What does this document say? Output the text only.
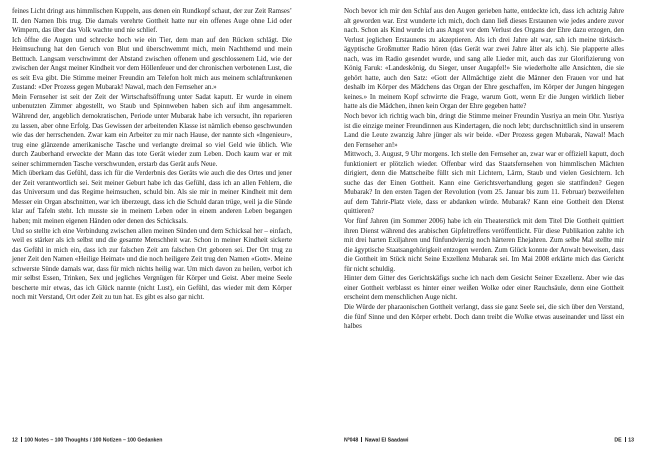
feines Licht dringt aus himmlischen Kuppeln, aus denen ein Rundkopf schaut, der zur Zeit Ramses’ II. den Namen Ibis trug. Die damals verehrte Gottheit hatte nur ein offenes Auge ohne Lid oder Wimpern, das über das Volk wachte und nie schlief.

Ich öffne die Augen und schrecke hoch wie ein Tier, dem man auf den Rücken schlägt. Die Heimsuchung hat den Geruch von Blut und überschwemmt mich, mein Nachthemd und mein Betttuch. Langsam verschwimmt der Abstand zwischen offenem und geschlossenem Lid, wie der zwischen der Angst meiner Kindheit vor dem Höllenfeuer und der chronischen verbotenen Lust, die es seit Eva gibt. Die Stimme meiner Freundin am Telefon holt mich aus meinem schlaftrunkenen Zustand: «Der Prozess gegen Mubarak! Nawal, mach den Fernseher an.»

Mein Fernseher ist seit der Zeit der Wirtschaftsöffnung unter Sadat kaputt. Er wurde in einem unbenutzten Zimmer abgestellt, wo Staub und Spinnweben haben sich auf ihm angesammelt. Während der, angeblich demokratischen, Periode unter Mubarak habe ich versucht, ihn reparieren zu lassen, aber ohne Erfolg. Das Gewissen der arbeitenden Klasse ist nämlich ebenso geschwunden wie das der herrschenden. Zwar kam ein Arbeiter zu mir nach Hause, der nannte sich «Ingenieur», trug eine glänzende amerikanische Tasche und verlangte dreimal so viel Geld wie üblich. Wie durch Zauberhand erweckte der Mann das tote Gerät wieder zum Leben. Doch kaum war er mit seiner schimmernden Tasche verschwunden, erstarb das Gerät aufs Neue.

Mich überkam das Gefühl, dass ich für die Verderbnis des Geräts wie auch die des Ortes und jener der Zeit verantwortlich sei. Seit meiner Geburt habe ich das Gefühl, dass ich an allen Fehlern, die das Universum und das Regime heimsuchen, schuld bin. Als sie mir in meiner Kindheit mit dem Messer ein Organ abschnitten, war ich überzeugt, dass ich die Schuld daran trüge, weil ja die Sünde klar auf Tafeln steht. Ich musste sie in meinem Leben oder in einem anderen Leben begangen haben; mit meinen eigenen Händen oder denen des Schicksals.

Und so stellte ich eine Verbindung zwischen allen meinen Sünden und dem Schicksal her – einfach, weil es stärker als ich selbst und die gesamte Menschheit war. Schon in meiner Kindheit sickerte das Gefühl in mich ein, dass ich zur falschen Zeit am falschen Ort geboren sei. Der Ort trug zu jener Zeit den Namen «Heilige Heimat» und die noch heiligere Zeit trug den Namen «Gott». Meine schwerste Sünde damals war, dass für mich nichts heilig war. Um mich davon zu heilen, verbot ich mir selbst Essen, Trinken, Sex und jegliches Vergnügen für Körper und Geist. Aber meine Seele bescherte mir etwas, das ich Glück nannte (nicht Lust), ein Gefühl, das wieder mit dem Körper noch mit Verstand, Ort oder Zeit zu tun hat. Es gibt es also gar nicht.

12 100 Notes – 100 Thoughts / 100 Notizen – 100 Gedanken

Noch bevor ich mir den Schlaf aus den Augen gerieben hatte, entdeckte ich, dass ich achtzig Jahre alt geworden war. Erst wunderte ich mich, doch dann ließ dieses Erstaunen wie jedes andere zuvor nach. Schon als Kind wurde ich aus Angst vor dem Verlust des Organs der Ehre dazu erzogen, den Verlust jeglichen Erstaunens zu akzeptieren. Als ich drei Jahre alt war, sah ich meine türkisch-ägyptische Großmutter Radio hören (das Gerät war zwei Jahre älter als ich). Sie plapperte alles nach, was im Radio gesendet wurde, und sang alle Lieder mit, auch das zur Glorifizierung von König Faruk: «Landeskönig, du Sieger, unser Augapfel!» Sie wiederholte alle Ansichten, die sie gehört hatte, auch den Satz: «Gott der Allmächtige zieht die Männer den Frauen vor und hat deshalb im Körper des Mädchens das Organ der Ehre geschaffen, im Körper der Jungen hingegen keines.» In meinem Kopf schwirrte die Frage, warum Gott, wenn Er die Jungen wirklich lieber hatte als die Mädchen, ihnen kein Organ der Ehre gegeben hatte?

Noch bevor ich richtig wach bin, dringt die Stimme meiner Freundin Yusriya an mein Ohr. Yusriya ist die einzige meiner Freundinnen aus Kindertagen, die noch lebt; durchschnittlich sind in unserem Land die Leute zwanzig Jahre jünger als wir beide. «Der Prozess gegen Mubarak, Nawal! Mach den Fernseher an!»

Mittwoch, 3. August, 9 Uhr morgens. Ich stelle den Fernseher an, zwar war er offiziell kaputt, doch funktioniert er plötzlich wieder. Offenbar wird das Staatsfernsehen von himmlischen Mächten dirigiert, denn die Mattscheibe füllt sich mit Lichtern, Lärm, Staub und vielen Gesichtern. Ich suche das der Einen Gottheit. Kann eine Gerichtsverhandlung gegen sie stattfinden? Gegen Mubarak? In den ersten Tagen der Revolution (vom 25. Januar bis zum 11. Februar) bezweifelten auf dem Tahrir-Platz viele, dass er abdanken würde. Mubarak? Kann eine Gottheit den Dienst quittieren?

Vor fünf Jahren (im Sommer 2006) habe ich ein Theaterstück mit dem Titel Die Gottheit quittiert ihren Dienst während des arabischen Gipfeltreffens veröffentlicht. Für diese Publikation zahlte ich mit drei harten Exiljahren und fünfundvierzig noch härteren Ehejahren. Zum selbe Mal stellte mir die ägyptische Staatsangehörigkeit entzogen werden. Zum Glück konnte der Anwalt beweisen, dass die Gottheit im Stück nicht Seine Exzellenz Mubarak sei. Im Mai 2008 erklärte mich das Gericht für nicht schuldig.

Hinter dem Gitter des Gerichtskäfigs suche ich nach dem Gesicht Seiner Exzellenz. Aber wie das einer Gottheit verblasst es hinter einer weißen Wolke oder einer Rauchsäule, denn eine Gottheit erscheint dem menschlichen Auge nicht.

Die Würde der pharaonischen Gottheit verlangt, dass sie ganz Seele sei, die sich über den Verstand, die fünf Sinne und den Körper erhebt. Doch dann treibt die Wolke etwas auseinander und lässt ein halbes

Nº048 Nawal El Saadawi	DE 13
